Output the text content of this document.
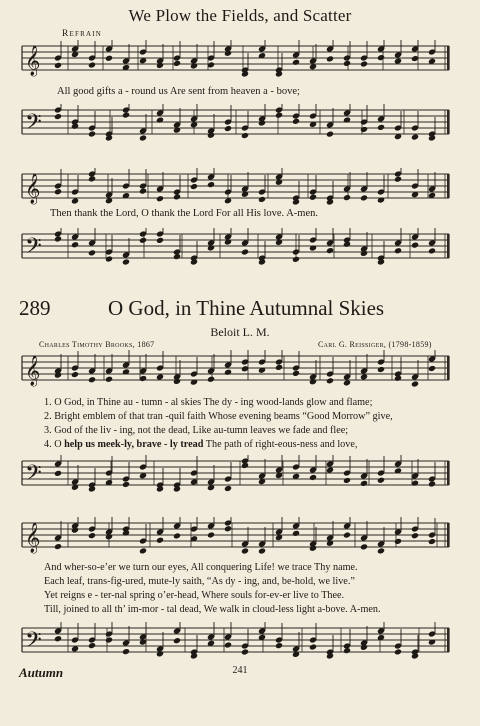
We Plow the Fields, and Scatter
Refrain
𝄞
All good gifts a - round us Are sent from heaven a - bove;
𝄢
𝄞
Then thank the Lord, O thank the Lord For all His love. A-men.
𝄢
289	O God, in Thine Autumnal Skies
Beloit L. M.
Charles Timothy Brooks, 1867	Carl G. Reissiger, (1798-1859)
𝄞
1. O God, in Thine au - tumn - al skies The dy - ing wood-lands glow and flame;
2. Bright emblem of that tran -quil faith Whose evening beams “Good Morrow” give,
3. God of the liv - ing, not the dead, Like au-tumn leaves we fade and flee;
4. O help us meek-ly, brave - ly tread The path of right-eous-ness and love,
𝄢
𝄞
And wher-so-e’er we turn our eyes, All conquering Life! we trace Thy name.
Each leaf, trans-fig-ured, mute-ly saith, “As dy - ing, and, be-hold, we live.”
Yet reigns e - ter-nal spring o’er-head, Where souls for-ev-er live to Thee.
Till, joined to all th’ im-mor - tal dead, We walk in cloud-less light a-bove. A-men.
𝄢
Autumn	241
